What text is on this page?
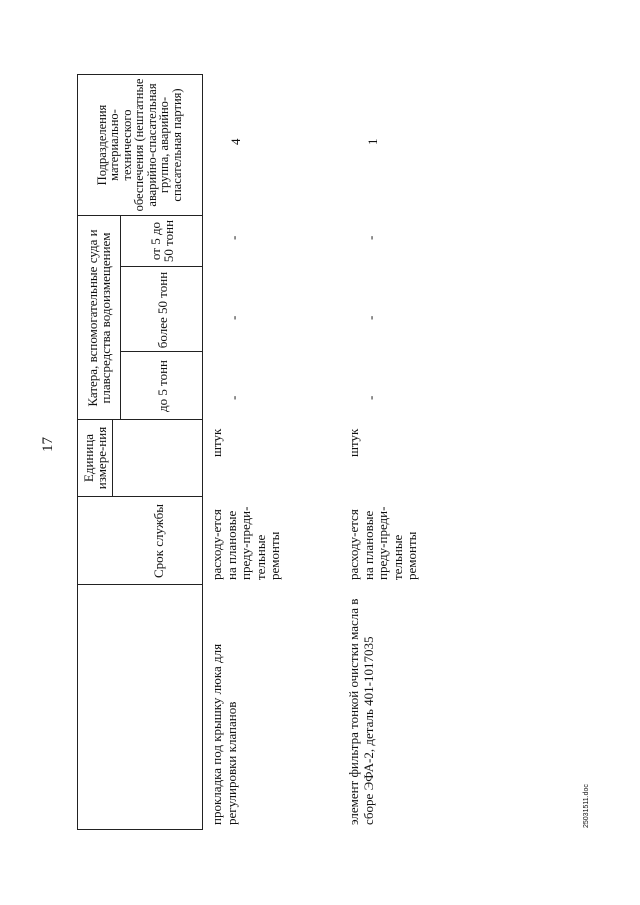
17
Срок службы
Единица измере-ния
Катера, вспомогательные суда и плавсредства водоизмещением	более 50 тонн
от 5 до 50 тонн
до 5 тонн
Подразделения материально-технического обеспечения (нештатные аварийно-спасательная группа, аварийно-спасательная партия)
прокладка под крышку люка для регулировки клапанов
расходу-ется на плановые преду-преди-тельные ремонты
штук
-
-
-
4
элемент фильтра тонкой очистки масла в сборе ЭФА-2, деталь 401-1017035
расходу-ется на плановые преду-преди-тельные ремонты
штук
-
-
-
1
25031511.doc
